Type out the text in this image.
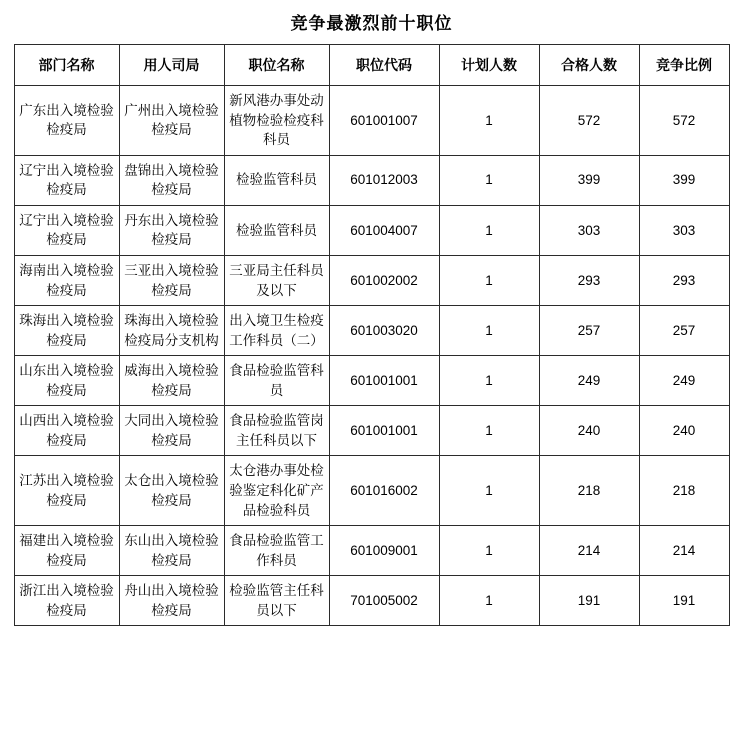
竞争最激烈前十职位
部门名称	用人司局	职位名称	职位代码	计划人数	合格人数	竞争比例
广东出入境检验检疫局	广州出入境检验检疫局	新风港办事处动植物检验检疫科科员	601001007	1	572	572
辽宁出入境检验检疫局	盘锦出入境检验检疫局	检验监管科员	601012003	1	399	399
辽宁出入境检验检疫局	丹东出入境检验检疫局	检验监管科员	601004007	1	303	303
海南出入境检验检疫局	三亚出入境检验检疫局	三亚局主任科员及以下	601002002	1	293	293
珠海出入境检验检疫局	珠海出入境检验检疫局分支机构	出入境卫生检疫工作科员（二）	601003020	1	257	257
山东出入境检验检疫局	威海出入境检验检疫局	食品检验监管科员	601001001	1	249	249
山西出入境检验检疫局	大同出入境检验检疫局	食品检验监管岗主任科员以下	601001001	1	240	240
江苏出入境检验检疫局	太仓出入境检验检疫局	太仓港办事处检验鉴定科化矿产品检验科员	601016002	1	218	218
福建出入境检验检疫局	东山出入境检验检疫局	食品检验监管工作科员	601009001	1	214	214
浙江出入境检验检疫局	舟山出入境检验检疫局	检验监管主任科员以下	701005002	1	191	191
